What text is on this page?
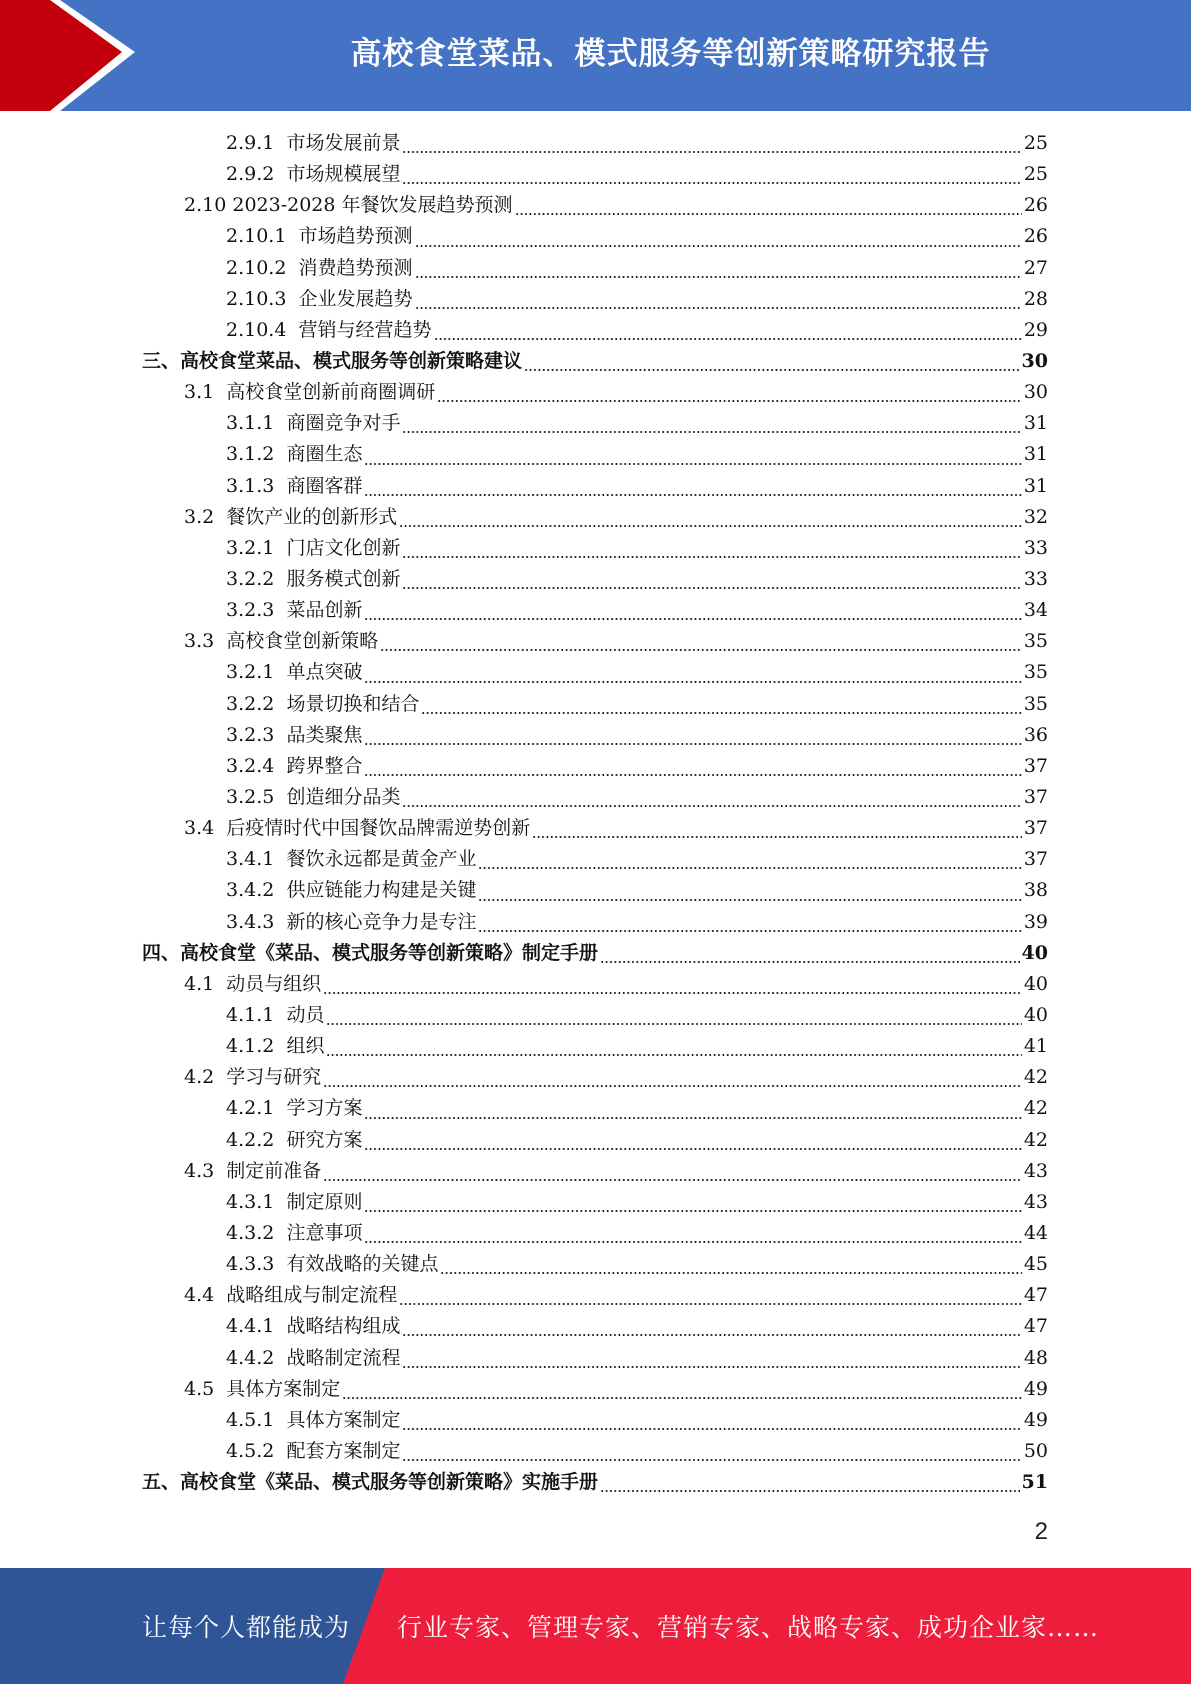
高校食堂菜品、模式服务等创新策略研究报告
2.9.1 市场发展前景	25
2.9.2 市场规模展望	25
2.10 2023-2028 年餐饮发展趋势预测	26
2.10.1 市场趋势预测	26
2.10.2 消费趋势预测	27
2.10.3 企业发展趋势	28
2.10.4 营销与经营趋势	29
三、 高校食堂菜品、模式服务等创新策略建议	30
3.1 高校食堂创新前商圈调研	30
3.1.1 商圈竞争对手	31
3.1.2 商圈生态	31
3.1.3 商圈客群	31
3.2 餐饮产业的创新形式	32
3.2.1 门店文化创新	33
3.2.2 服务模式创新	33
3.2.3 菜品创新	34
3.3 高校食堂创新策略	35
3.2.1 单点突破	35
3.2.2 场景切换和结合	35
3.2.3 品类聚焦	36
3.2.4 跨界整合	37
3.2.5 创造细分品类	37
3.4 后疫情时代中国餐饮品牌需逆势创新	37
3.4.1 餐饮永远都是黄金产业	37
3.4.2 供应链能力构建是关键	38
3.4.3 新的核心竞争力是专注	39
四、 高校食堂《菜品、模式服务等创新策略》制定手册	40
4.1 动员与组织	40
4.1.1 动员	40
4.1.2 组织	41
4.2 学习与研究	42
4.2.1 学习方案	42
4.2.2 研究方案	42
4.3 制定前准备	43
4.3.1 制定原则	43
4.3.2 注意事项	44
4.3.3 有效战略的关键点	45
4.4 战略组成与制定流程	47
4.4.1 战略结构组成	47
4.4.2 战略制定流程	48
4.5 具体方案制定	49
4.5.1 具体方案制定	49
4.5.2 配套方案制定	50
五、 高校食堂《菜品、模式服务等创新策略》实施手册	51
2
让每个人都能成为 行业专家、管理专家、营销专家、战略专家、成功企业家……
